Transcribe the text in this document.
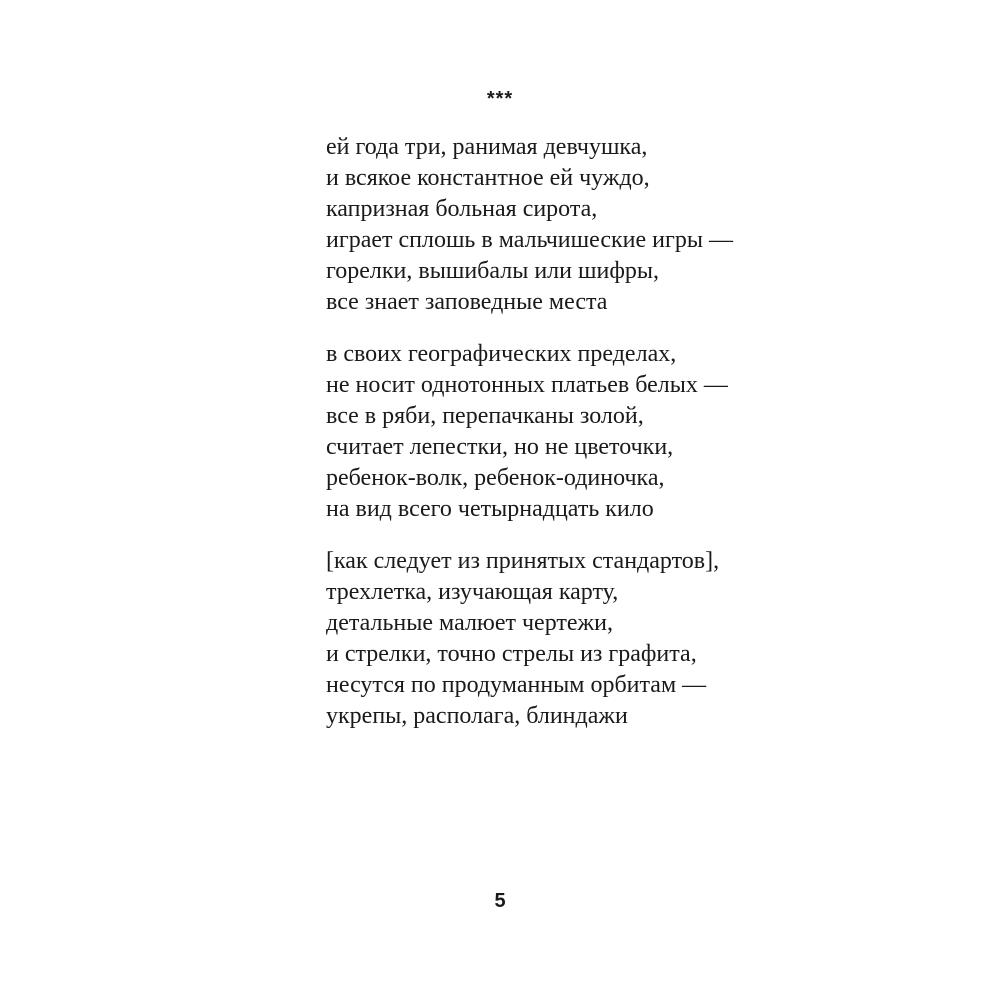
***
ей года три, ранимая девчушка,
и всякое константное ей чуждо,
капризная больная сирота,
играет сплошь в мальчишеские игры —
горелки, вышибалы или шифры,
все знает заповедные места
в своих географических пределах,
не носит однотонных платьев белых —
все в ряби, перепачканы золой,
считает лепестки, но не цветочки,
ребенок-волк, ребенок-одиночка,
на вид всего четырнадцать кило
[как следует из принятых стандартов],
трехлетка, изучающая карту,
детальные малюет чертежи,
и стрелки, точно стрелы из графита,
несутся по продуманным орбитам —
укрепы, располага, блиндажи
5
